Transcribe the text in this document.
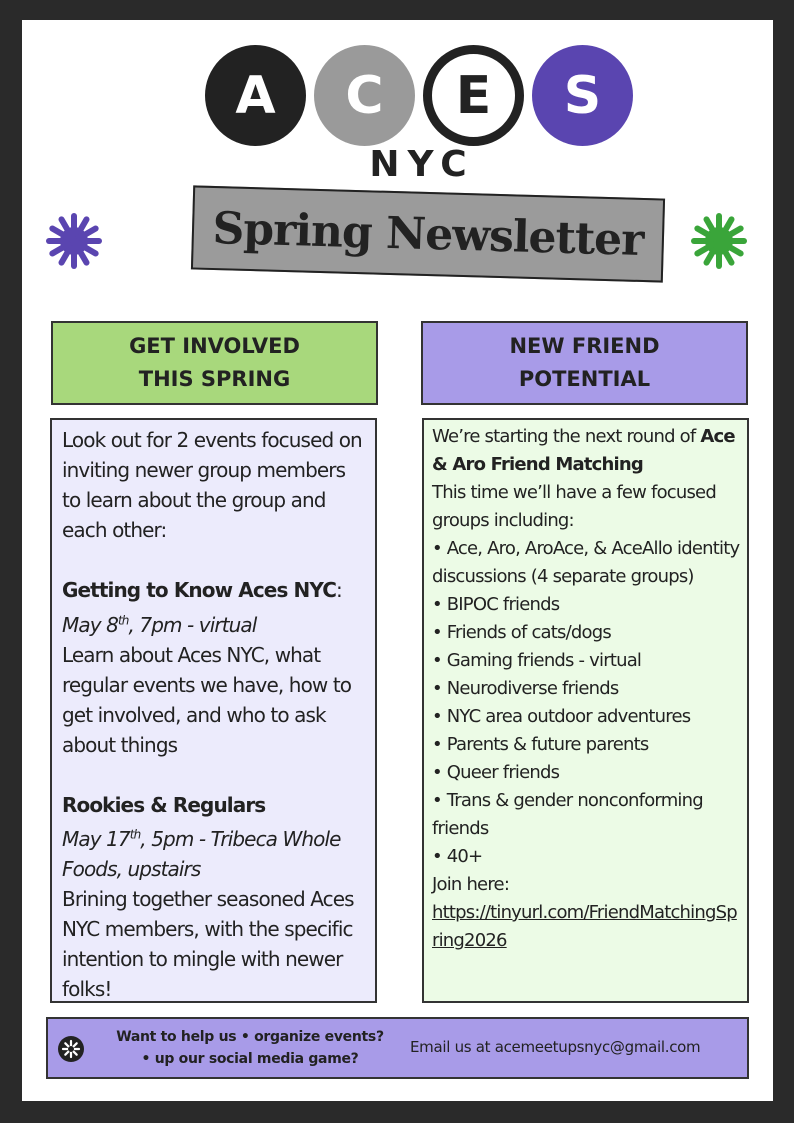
A	C	E	S
NYC
Spring Newsletter
GET INVOLVED
THIS SPRING
Look out for 2 events focused on inviting newer group members to learn about the group and each other:
Getting to Know Aces NYC:
May 8th, 7pm - virtual
Learn about Aces NYC, what regular events we have, how to get involved, and who to ask about things
Rookies & Regulars
May 17th, 5pm - Tribeca Whole Foods, upstairs
Brining together seasoned Aces NYC members, with the specific intention to mingle with newer folks!
NEW FRIEND
POTENTIAL
We’re starting the next round of Ace & Aro Friend Matching
This time we’ll have a few focused groups including:
• Ace, Aro, AroAce, & AceAllo identity discussions (4 separate groups)
• BIPOC friends
• Friends of cats/dogs
• Gaming friends - virtual
• Neurodiverse friends
• NYC area outdoor adventures
• Parents & future parents
• Queer friends
• Trans & gender nonconforming friends
• 40+
Join here:
https://tinyurl.com/FriendMatchingSpring2026
Want to help us • organize events?
• up our social media game?
Email us at acemeetupsnyc@gmail.com
